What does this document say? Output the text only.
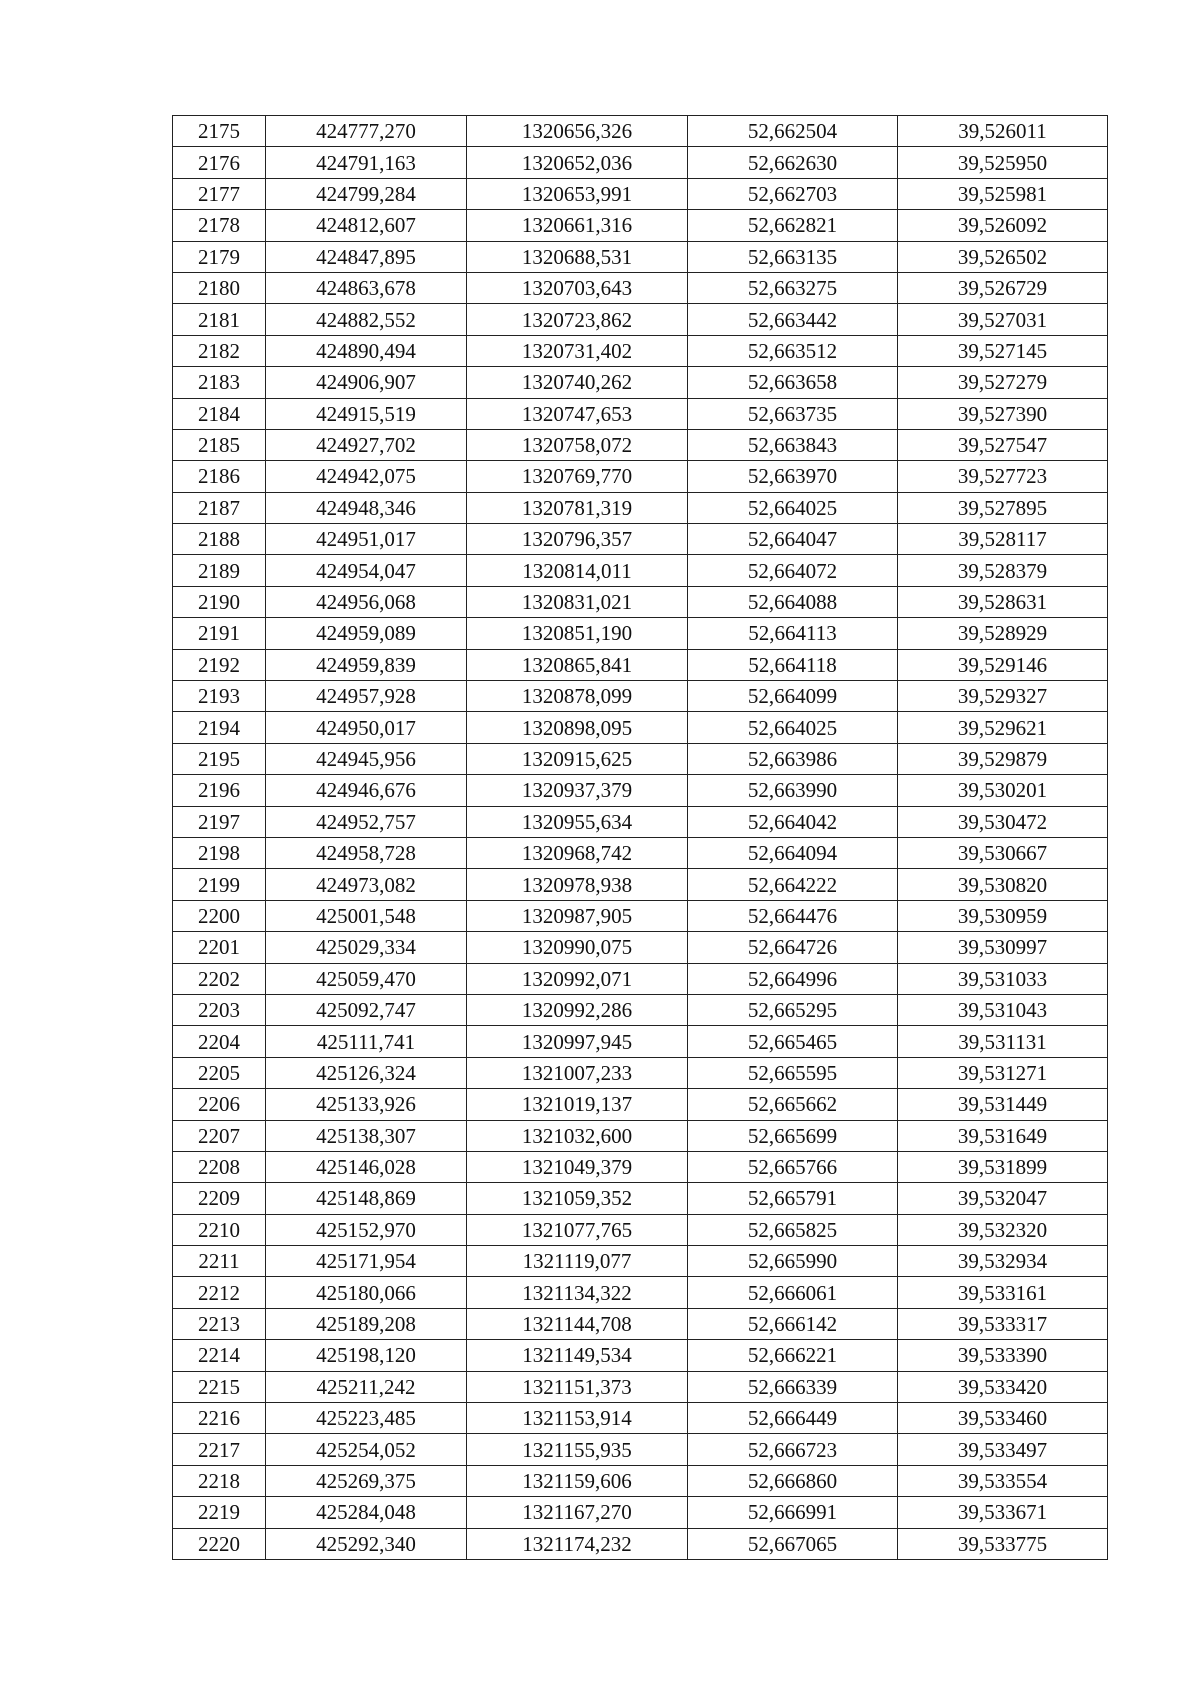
2175	424777,270	1320656,326	52,662504	39,526011
2176	424791,163	1320652,036	52,662630	39,525950
2177	424799,284	1320653,991	52,662703	39,525981
2178	424812,607	1320661,316	52,662821	39,526092
2179	424847,895	1320688,531	52,663135	39,526502
2180	424863,678	1320703,643	52,663275	39,526729
2181	424882,552	1320723,862	52,663442	39,527031
2182	424890,494	1320731,402	52,663512	39,527145
2183	424906,907	1320740,262	52,663658	39,527279
2184	424915,519	1320747,653	52,663735	39,527390
2185	424927,702	1320758,072	52,663843	39,527547
2186	424942,075	1320769,770	52,663970	39,527723
2187	424948,346	1320781,319	52,664025	39,527895
2188	424951,017	1320796,357	52,664047	39,528117
2189	424954,047	1320814,011	52,664072	39,528379
2190	424956,068	1320831,021	52,664088	39,528631
2191	424959,089	1320851,190	52,664113	39,528929
2192	424959,839	1320865,841	52,664118	39,529146
2193	424957,928	1320878,099	52,664099	39,529327
2194	424950,017	1320898,095	52,664025	39,529621
2195	424945,956	1320915,625	52,663986	39,529879
2196	424946,676	1320937,379	52,663990	39,530201
2197	424952,757	1320955,634	52,664042	39,530472
2198	424958,728	1320968,742	52,664094	39,530667
2199	424973,082	1320978,938	52,664222	39,530820
2200	425001,548	1320987,905	52,664476	39,530959
2201	425029,334	1320990,075	52,664726	39,530997
2202	425059,470	1320992,071	52,664996	39,531033
2203	425092,747	1320992,286	52,665295	39,531043
2204	425111,741	1320997,945	52,665465	39,531131
2205	425126,324	1321007,233	52,665595	39,531271
2206	425133,926	1321019,137	52,665662	39,531449
2207	425138,307	1321032,600	52,665699	39,531649
2208	425146,028	1321049,379	52,665766	39,531899
2209	425148,869	1321059,352	52,665791	39,532047
2210	425152,970	1321077,765	52,665825	39,532320
2211	425171,954	1321119,077	52,665990	39,532934
2212	425180,066	1321134,322	52,666061	39,533161
2213	425189,208	1321144,708	52,666142	39,533317
2214	425198,120	1321149,534	52,666221	39,533390
2215	425211,242	1321151,373	52,666339	39,533420
2216	425223,485	1321153,914	52,666449	39,533460
2217	425254,052	1321155,935	52,666723	39,533497
2218	425269,375	1321159,606	52,666860	39,533554
2219	425284,048	1321167,270	52,666991	39,533671
2220	425292,340	1321174,232	52,667065	39,533775
